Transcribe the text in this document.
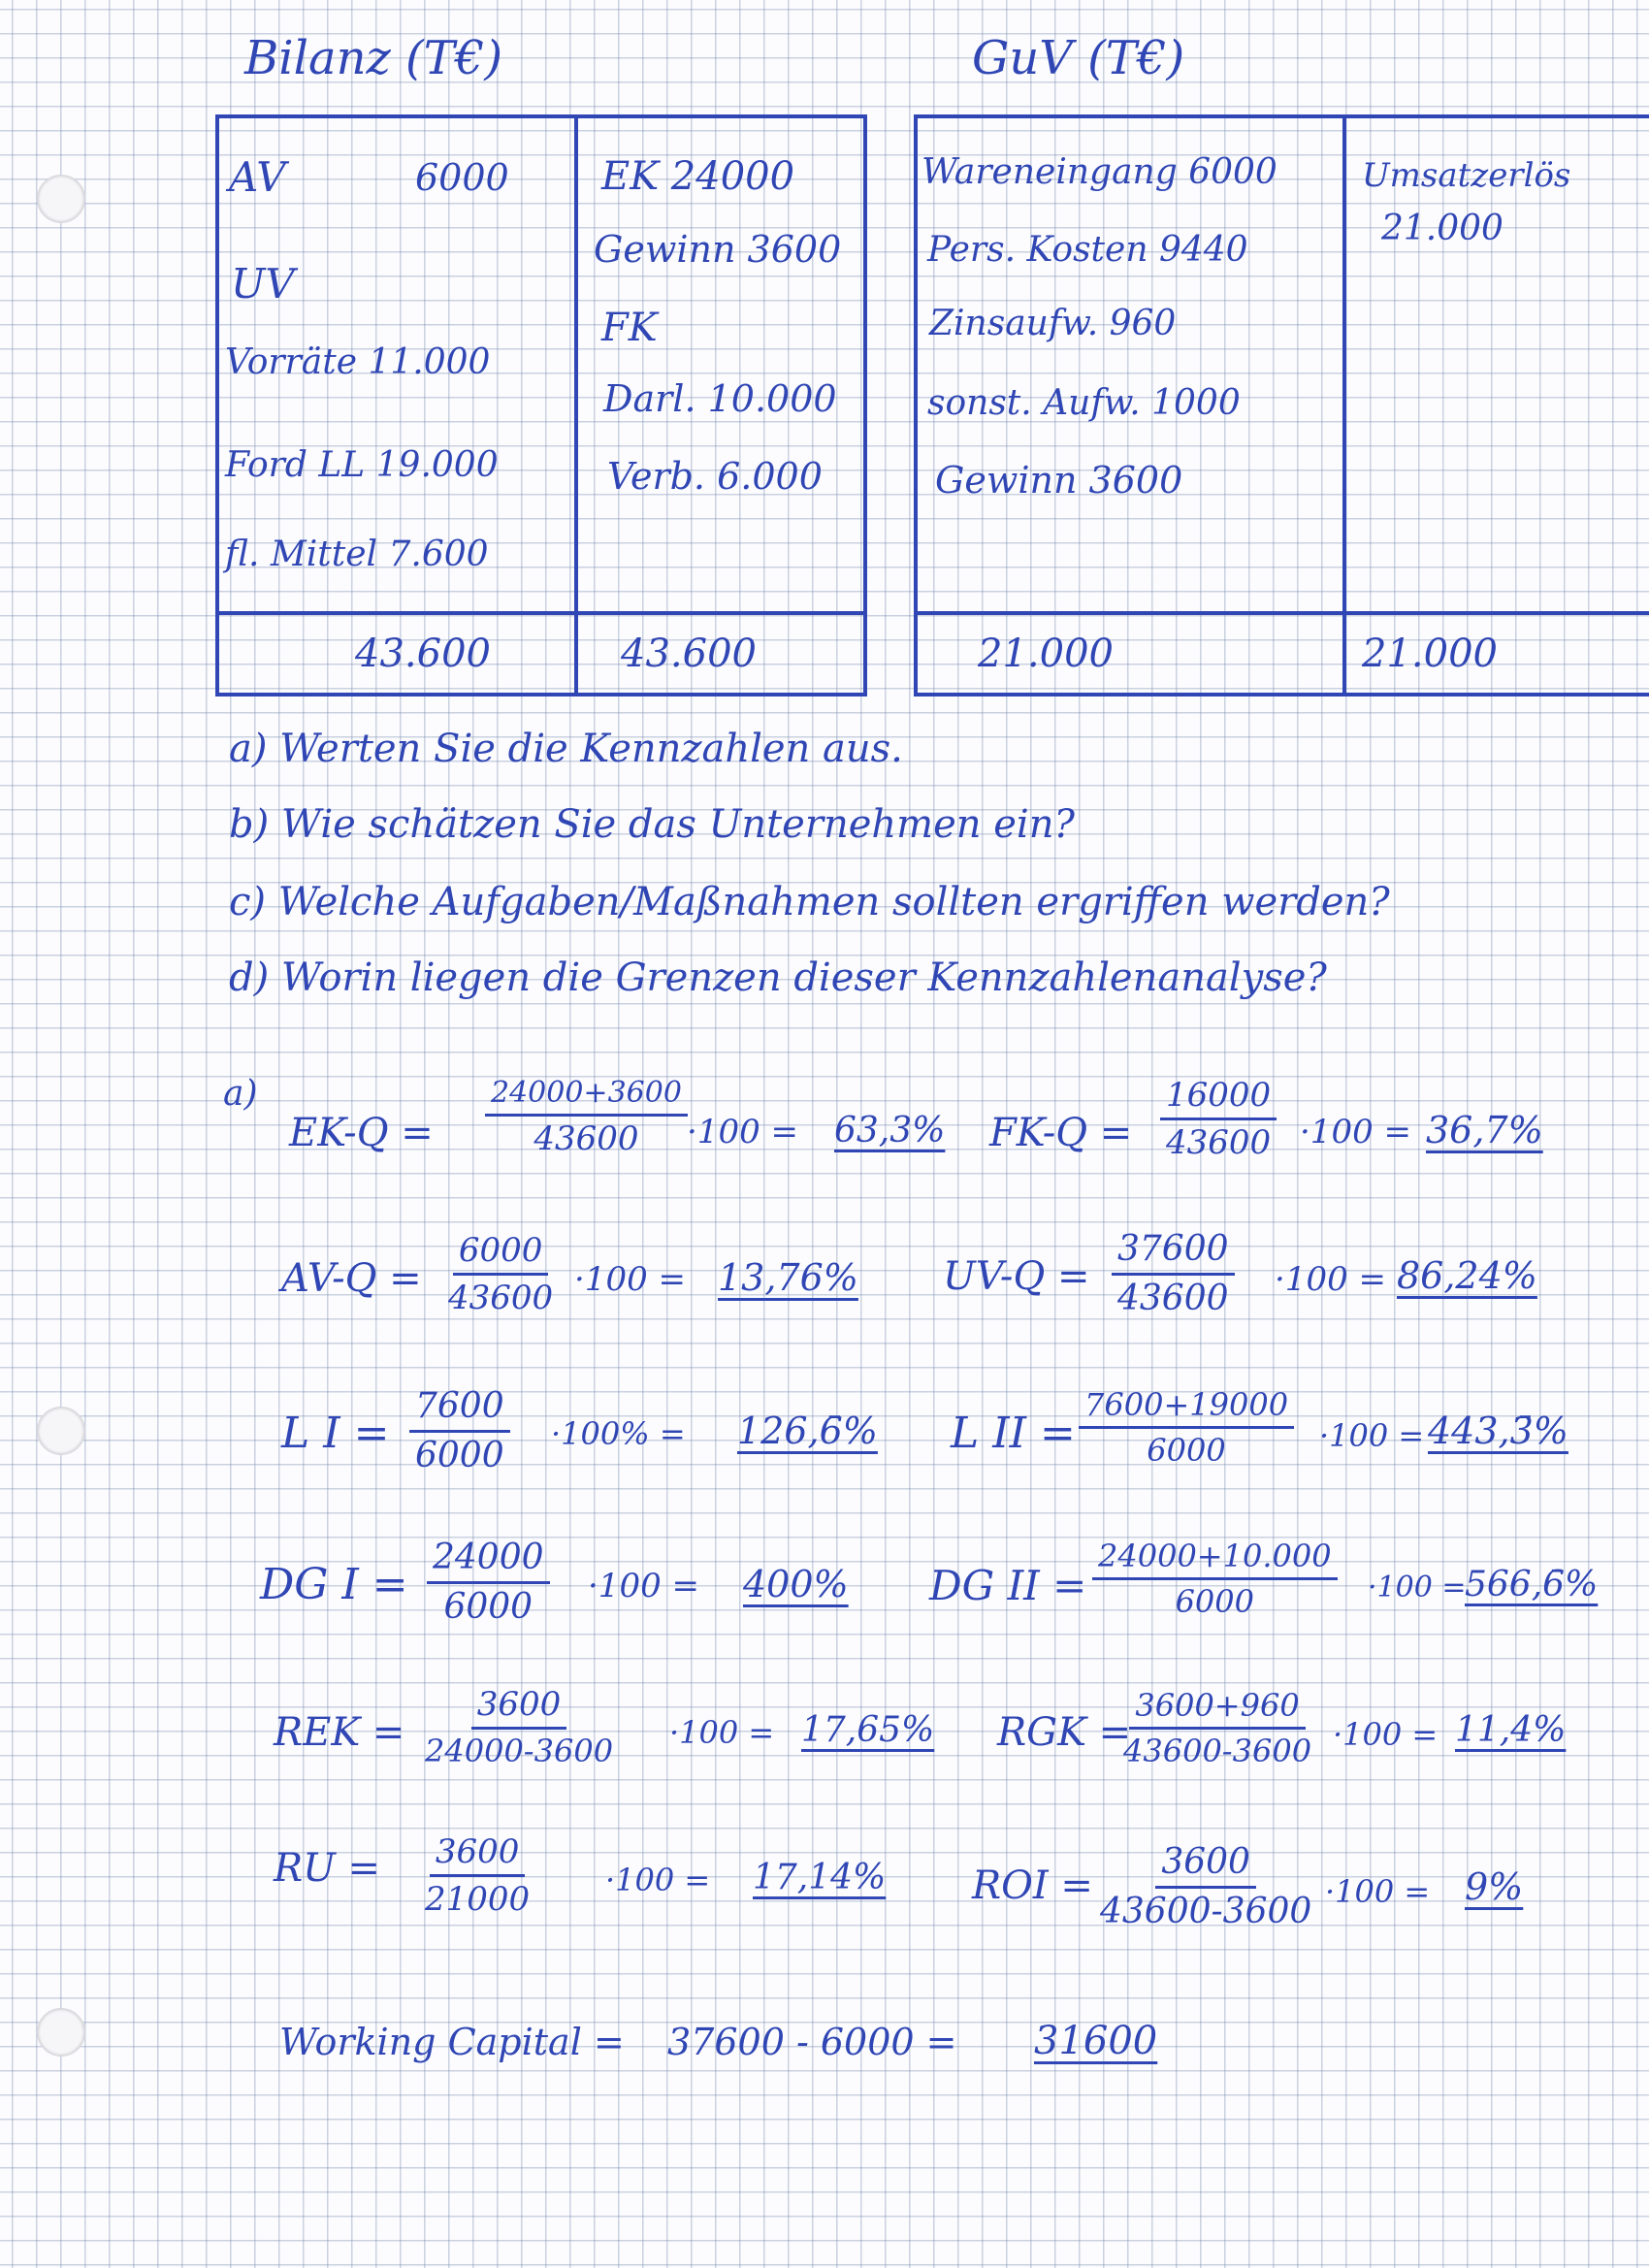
Bilanz (T€)
AV	6000
UV
Vorräte 11.000
Ford LL 19.000
fl. Mittel 7.600
43.600
EK 24000
Gewinn 3600
FK
Darl. 10.000
Verb. 6.000
43.600
GuV (T€)
Wareneingang 6000
Pers. Kosten 9440
Zinsaufw. 960
sonst. Aufw. 1000
Gewinn 3600
21.000
Umsatzerlös
21.000
21.000
a) Werten Sie die Kennzahlen aus.
b) Wie schätzen Sie das Unternehmen ein?
c) Welche Aufgaben/Maßnahmen sollten ergriffen werden?
d) Worin liegen die Grenzen dieser Kennzahlenanalyse?
a)
$EK-Q = \frac{24000+3600}{43600} \cdot 100 = 63,3\%$ $FK-Q = \frac{16000}{43600} \cdot 100 = 36,7\%$
$AV-Q = \frac{6000}{43600} \cdot 100 = 13,76\%$ $UV-Q = \frac{37600}{43600} \cdot 100 = 86,24\%$
L $I = \frac{7600}{6000} \cdot 100\%$ = 126,6̄% L II = $\frac{7600+19000}{6000} \cdot 100$ = 443,3̄%
DG $I = \frac{24000}{6000} \cdot 100 = 400\%$ DG II = $\frac{24000+10.000}{6000} \cdot 100$ =
566,6̄%
REK = $\frac{3600}{24000-3600} \cdot 100 = 17,65\%$ RGK =
$\frac{3600+960}{43600-3600} \cdot 100 = 11,4\%$
RU = $\frac{3600}{21000} \cdot 100 = 17,14\%$ ROI = $\frac{3600}{43600-3600} \cdot 100 = 9\%$
Working Capital = 37600 - 6000 = 31600
